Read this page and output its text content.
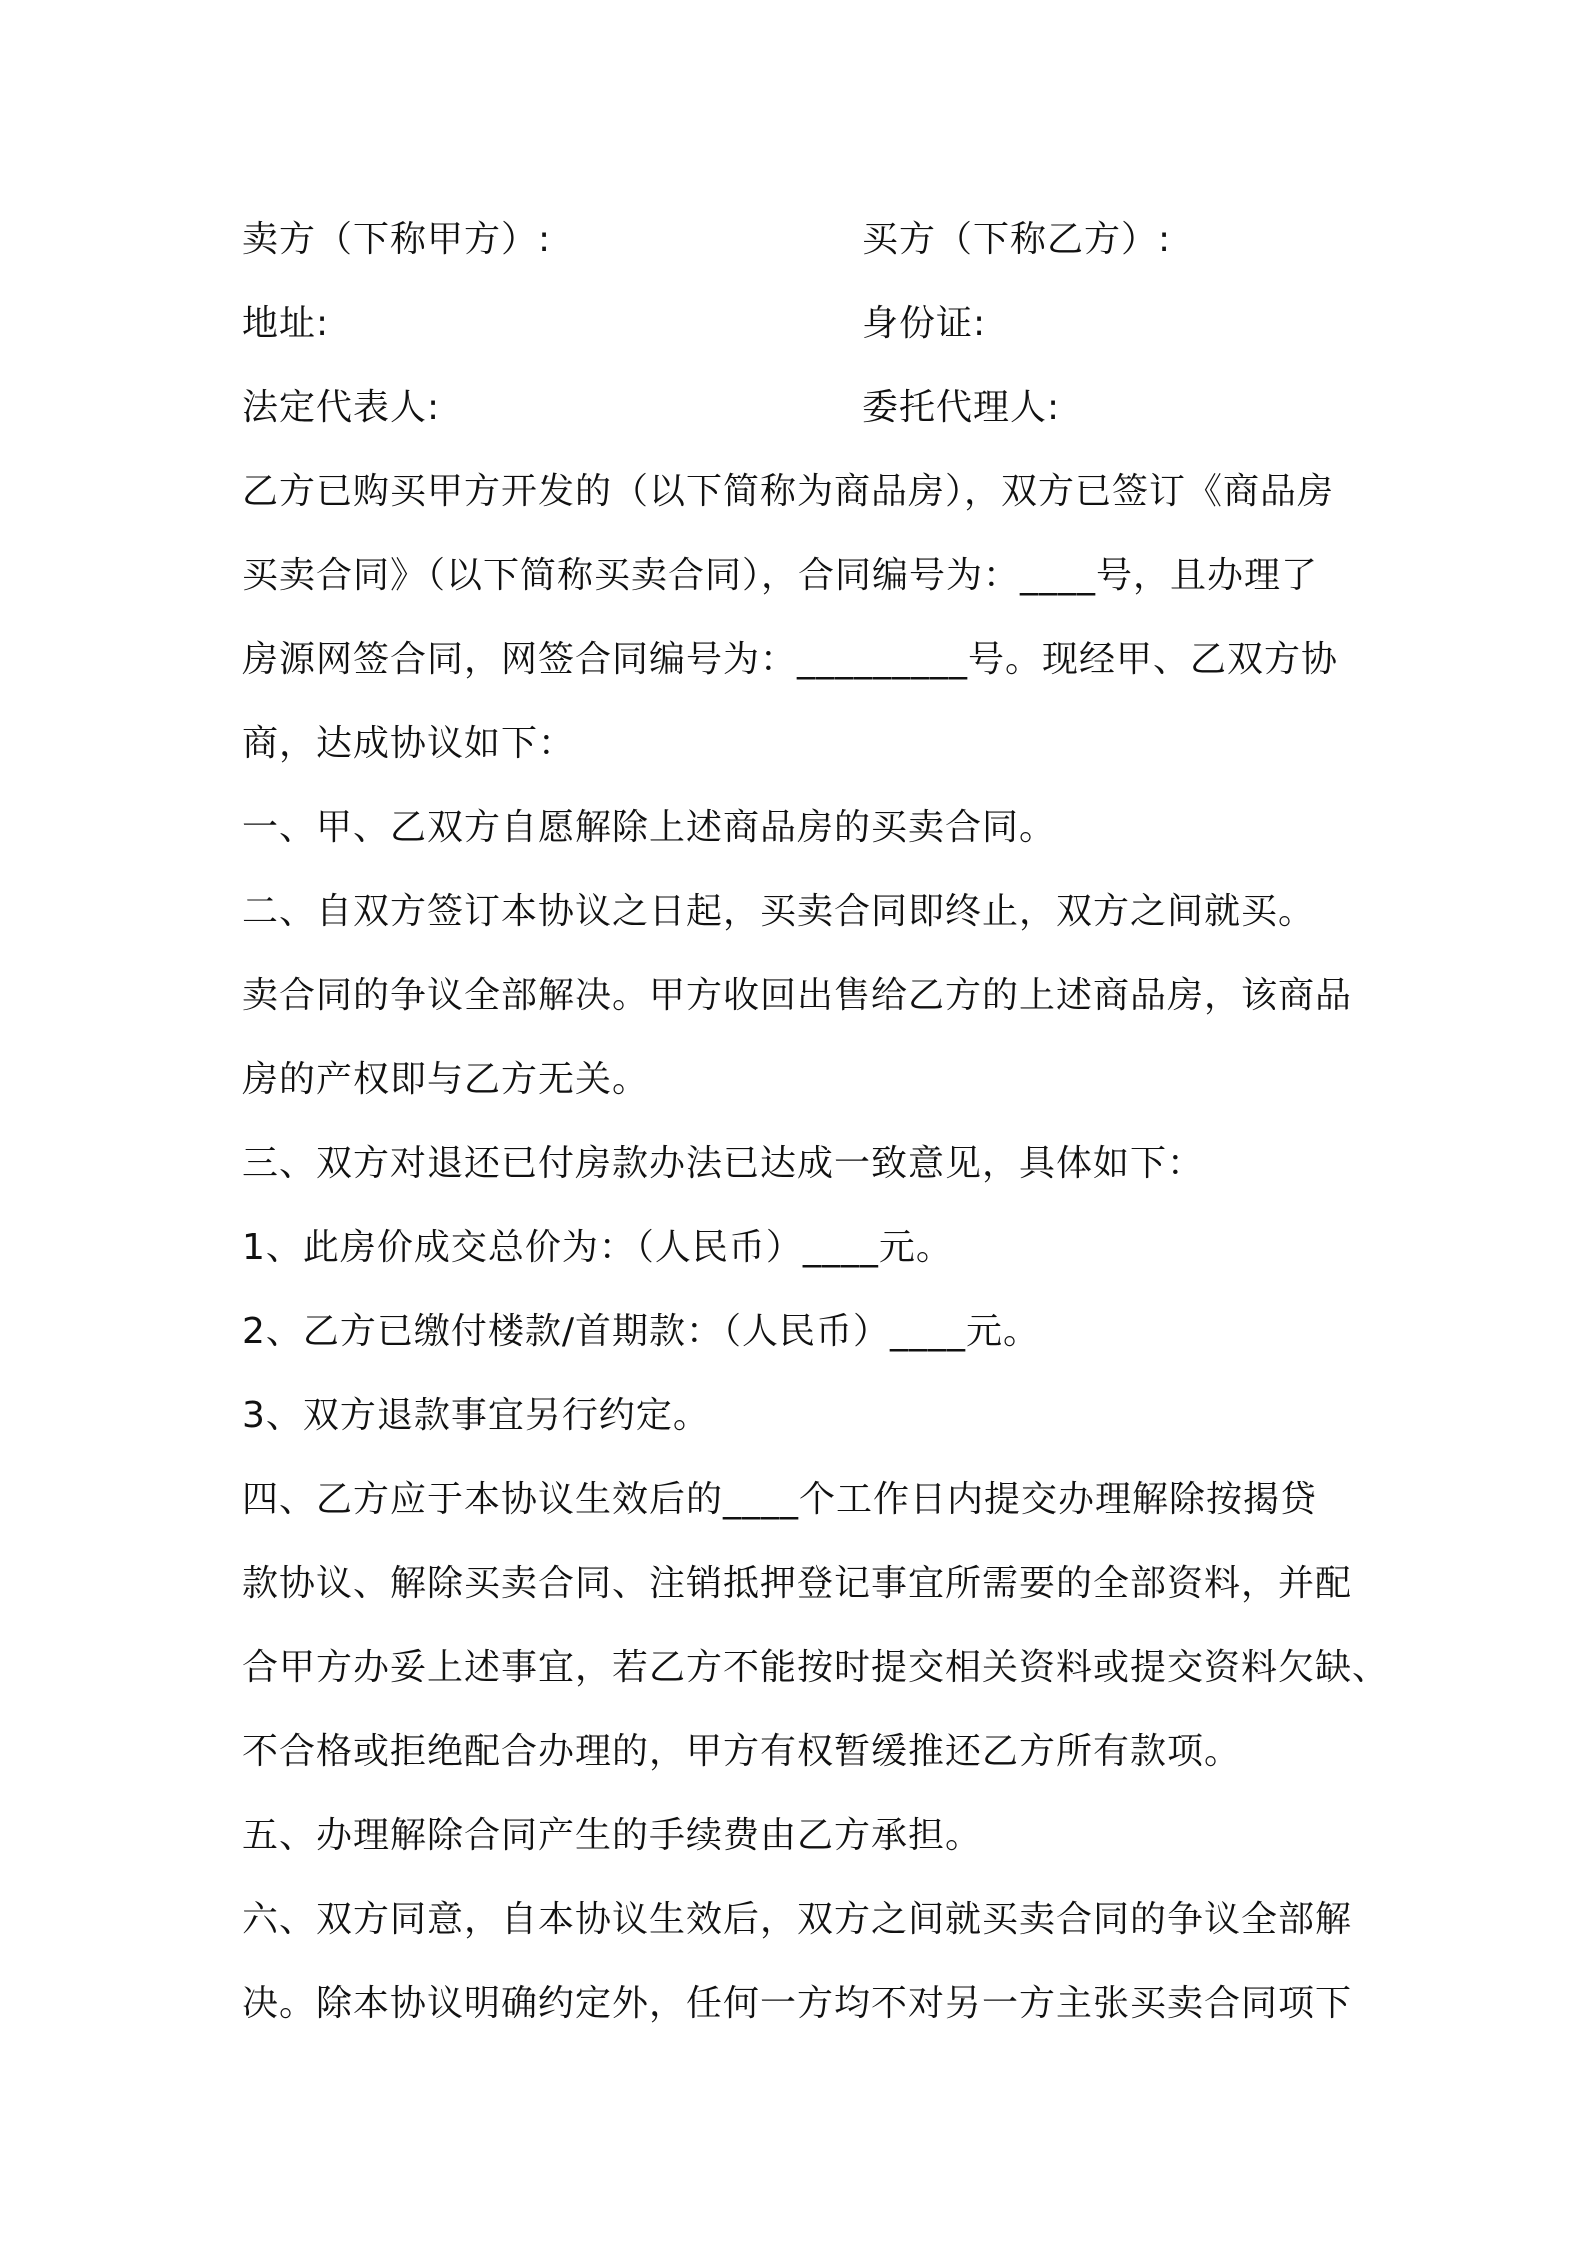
卖方（下称甲方）:	买方（下称乙方）:
地址:	身份证:
法定代表人:	委托代理人:
乙方已购买甲方开发的（以下简称为商品房），双方已签订《商品房
买卖合同》（以下简称买卖合同），合同编号为：____号，且办理了
房源网签合同，网签合同编号为：_________号。现经甲、乙双方协
商，达成协议如下：
一、甲、乙双方自愿解除上述商品房的买卖合同。
二、自双方签订本协议之日起，买卖合同即终止，双方之间就买。
卖合同的争议全部解决。甲方收回出售给乙方的上述商品房，该商品
房的产权即与乙方无关。
三、双方对退还已付房款办法已达成一致意见，具体如下：
1、此房价成交总价为：（人民币）____元。
2、乙方已缴付楼款/首期款：（人民币）____元。
3、双方退款事宜另行约定。
四、乙方应于本协议生效后的____个工作日内提交办理解除按揭贷
款协议、解除买卖合同、注销抵押登记事宜所需要的全部资料，并配
合甲方办妥上述事宜，若乙方不能按时提交相关资料或提交资料欠缺、
不合格或拒绝配合办理的，甲方有权暂缓推还乙方所有款项。
五、办理解除合同产生的手续费由乙方承担。
六、双方同意，自本协议生效后，双方之间就买卖合同的争议全部解
决。除本协议明确约定外，任何一方均不对另一方主张买卖合同项下
